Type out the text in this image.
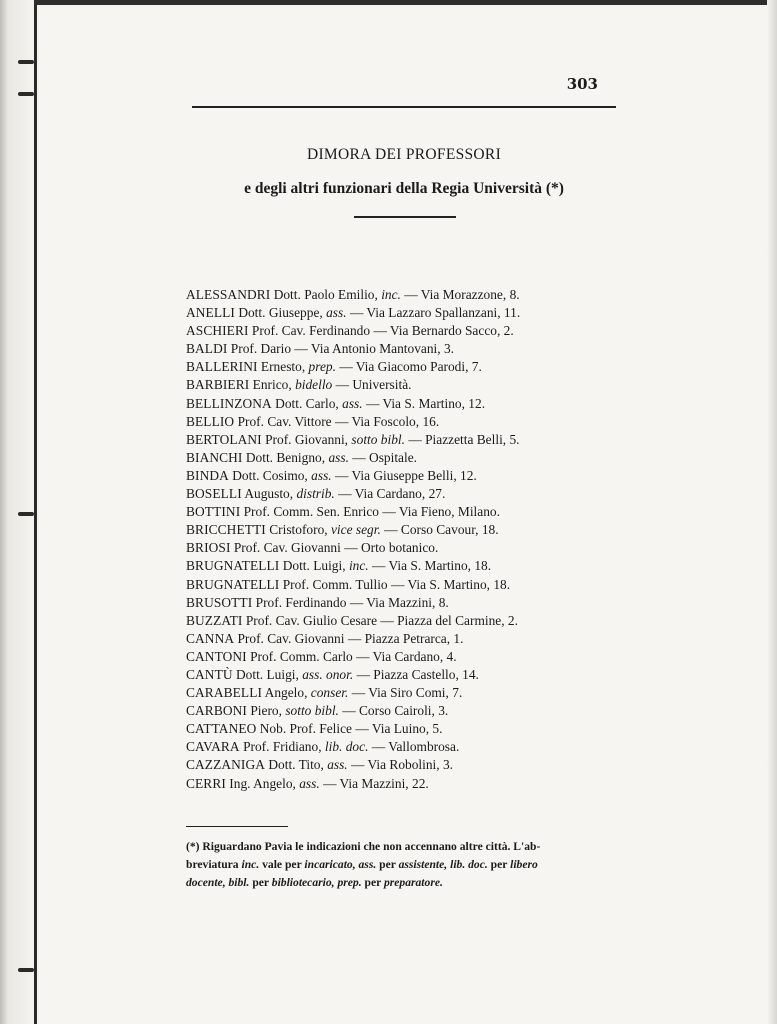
303
DIMORA DEI PROFESSORI
e degli altri funzionari della Regia Università (*)
ALESSANDRI Dott. Paolo Emilio, inc. — Via Morazzone, 8.
ANELLI Dott. Giuseppe, ass. — Via Lazzaro Spallanzani, 11.
ASCHIERI Prof. Cav. Ferdinando — Via Bernardo Sacco, 2.
BALDI Prof. Dario — Via Antonio Mantovani, 3.
BALLERINI Ernesto, prep. — Via Giacomo Parodi, 7.
BARBIERI Enrico, bidello — Università.
BELLINZONA Dott. Carlo, ass. — Via S. Martino, 12.
BELLIO Prof. Cav. Vittore — Via Foscolo, 16.
BERTOLANI Prof. Giovanni, sotto bibl. — Piazzetta Belli, 5.
BIANCHI Dott. Benigno, ass. — Ospitale.
BINDA Dott. Cosimo, ass. — Via Giuseppe Belli, 12.
BOSELLI Augusto, distrib. — Via Cardano, 27.
BOTTINI Prof. Comm. Sen. Enrico — Via Fieno, Milano.
BRICCHETTI Cristoforo, vice segr. — Corso Cavour, 18.
BRIOSI Prof. Cav. Giovanni — Orto botanico.
BRUGNATELLI Dott. Luigi, inc. — Via S. Martino, 18.
BRUGNATELLI Prof. Comm. Tullio — Via S. Martino, 18.
BRUSOTTI Prof. Ferdinando — Via Mazzini, 8.
BUZZATI Prof. Cav. Giulio Cesare — Piazza del Carmine, 2.
CANNA Prof. Cav. Giovanni — Piazza Petrarca, 1.
CANTONI Prof. Comm. Carlo — Via Cardano, 4.
CANTÙ Dott. Luigi, ass. onor. — Piazza Castello, 14.
CARABELLI Angelo, conser. — Via Siro Comi, 7.
CARBONI Piero, sotto bibl. — Corso Cairoli, 3.
CATTANEO Nob. Prof. Felice — Via Luino, 5.
CAVARA Prof. Fridiano, lib. doc. — Vallombrosa.
CAZZANIGA Dott. Tito, ass. — Via Robolini, 3.
CERRI Ing. Angelo, ass. — Via Mazzini, 22.
(*) Riguardano Pavia le indicazioni che non accennano altre città. L'ab-
breviatura inc. vale per incaricato, ass. per assistente, lib. doc. per libero
docente, bibl. per bibliotecario, prep. per preparatore.
